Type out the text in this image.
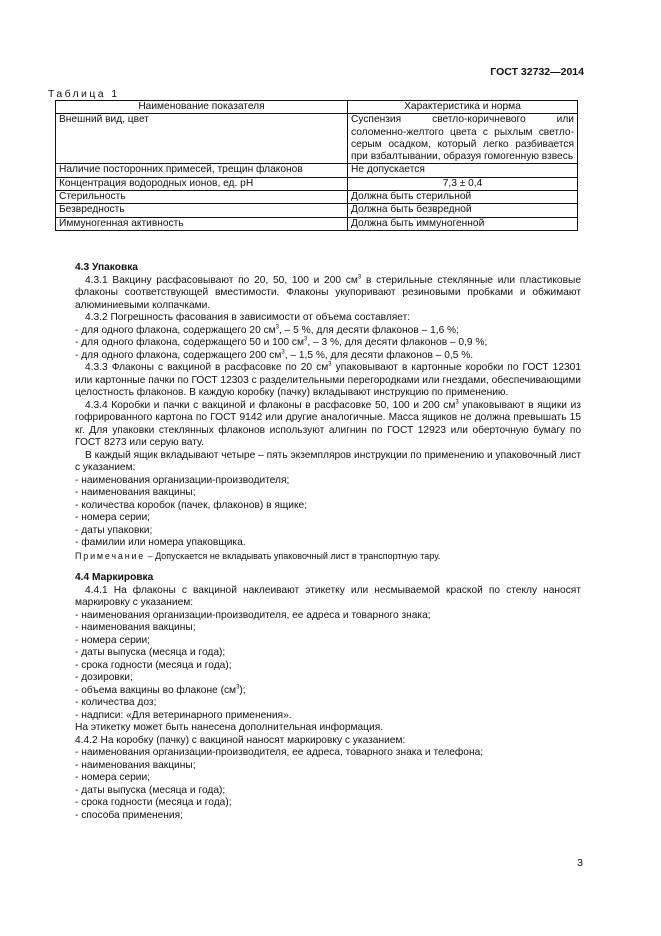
ГОСТ 32732—2014
Таблица 1
Наименование показателя	Характеристика и норма
Внешний вид, цвет	Суспензия светло-коричневого или соломенно-желтого цвета с рыхлым светло-серым осадком, который легко разбивается при взбалтывании, образуя гомогенную взвесь
Наличие посторонних примесей, трещин флаконов	Не допускается
Концентрация водородных ионов, ед. pH	7,3 ± 0,4
Стерильность	Должна быть стерильной
Безвредность	Должна быть безвредной
Иммуногенная активность	Должна быть иммуногенной

4.3 Упаковка

4.3.1 Вакцину расфасовывают по 20, 50, 100 и 200 $см^3$ в стерильные стеклянные или пластиковые флаконы соответствующей вместимости. Флаконы укупоривают резиновыми пробками и обжимают алюминиевыми колпачками.

4.3.2 Погрешность фасования в зависимости от объема составляет:

- для одного флакона, содержащего 20 $см^3$, – 5 %, для десяти флаконов – 1,6 %;

- для одного флакона, содержащего 50 и 100 $см^3$, – 3 %, для десяти флаконов – 0,9 %;

- для одного флакона, содержащего 200 $см^3$, – 1,5 %, для десяти флаконов – 0,5 %.

4.3.3 Флаконы с вакциной в расфасовке по 20 $см^3$ упаковывают в картонные коробки по ГОСТ 12301 или картонные пачки по ГОСТ 12303 с разделительными перегородками или гнездами, обеспечивающими целостность флаконов. В каждую коробку (пачку) вкладывают инструкцию по применению.

4.3.4 Коробки и пачки с вакциной и флаконы в расфасовке 50, 100 и 200 $см^3$ упаковывают в ящики из гофрированного картона по ГОСТ 9142 или другие аналогичные. Масса ящиков не должна превышать 15 кг. Для упаковки стеклянных флаконов используют алигнин по ГОСТ 12923 или оберточную бумагу по ГОСТ 8273 или серую вату.

В каждый ящик вкладывают четыре – пять экземпляров инструкции по применению и упаковочный лист с указанием:

- наименования организации-производителя;

- наименования вакцины;

- количества коробок (пачек, флаконов) в ящике;

- номера серии;

- даты упаковки;

- фамилии или номера упаковщика.

Примечание – Допускается не вкладывать упаковочный лист в транспортную тару.

4.4 Маркировка

4.4.1 На флаконы с вакциной наклеивают этикетку или несмываемой краской по стеклу наносят маркировку с указанием:

- наименования организации-производителя, ее адреса и товарного знака;

- наименования вакцины;

- номера серии;

- даты выпуска (месяца и года);

- срока годности (месяца и года);

- дозировки;

- объема вакцины во флаконе $(см^3)$;

- количества доз;

- надписи: «Для ветеринарного применения».

На этикетку может быть нанесена дополнительная информация.

4.4.2 На коробку (пачку) с вакциной наносят маркировку с указанием:

- наименования организации-производителя, ее адреса, товарного знака и телефона;

- наименования вакцины;

- номера серии;

- даты выпуска (месяца и года);

- срока годности (месяца и года);

- способа применения;

3
